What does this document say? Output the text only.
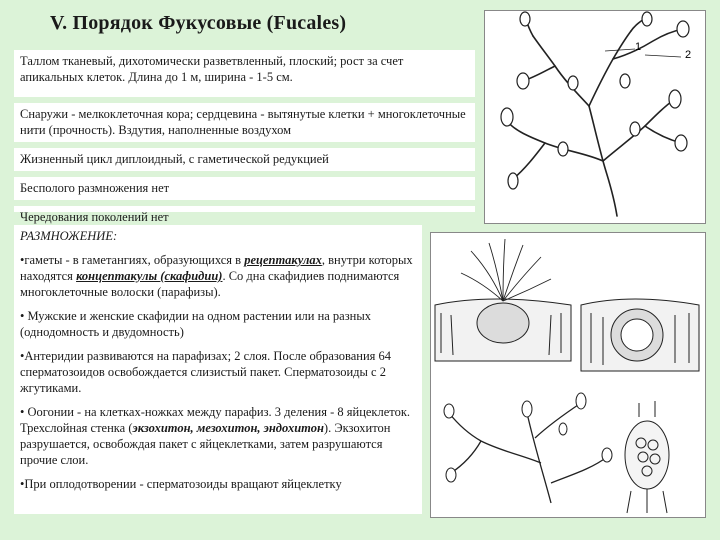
V. Порядок Фукусовые (Fucales)
Таллом тканевый, дихотомически разветвленный, плоский; рост за счет апикальных клеток. Длина до 1 м, ширина - 1-5 см.
Снаружи - мелкоклеточная кора; сердцевина - вытянутые клетки + многоклеточные нити (прочность). Вздутия, наполненные воздухом
Жизненный цикл диплоидный, с гаметической редукцией
Бесполого размножения нет
Чередования поколений нет

РАЗМНОЖЕНИЕ:

•гаметы - в гаметангиях, образующихся в рецептакулах, внутри которых находятся концептакулы (скафидии). Со дна скафидиев поднимаются многоклеточные волоски (парафизы).

• Мужские и женские скафидии на одном растении или на разных (однодомность и двудомность)

•Антеридии развиваются на парафизах; 2 слоя. После образования 64 сперматозоидов освобождается слизистый пакет. Сперматозоиды с 2 жгутиками.

• Оогонии - на клетках-ножках между парафиз. 3 деления - 8 яйцеклеток. Трехслойная стенка (экзохитон, мезохитон, эндохитон). Экзохитон разрушается, освобождая пакет с яйцеклетками, затем разрушаются прочие слои.

•При оплодотворении - сперматозоиды вращают яйцеклетку

1
2
